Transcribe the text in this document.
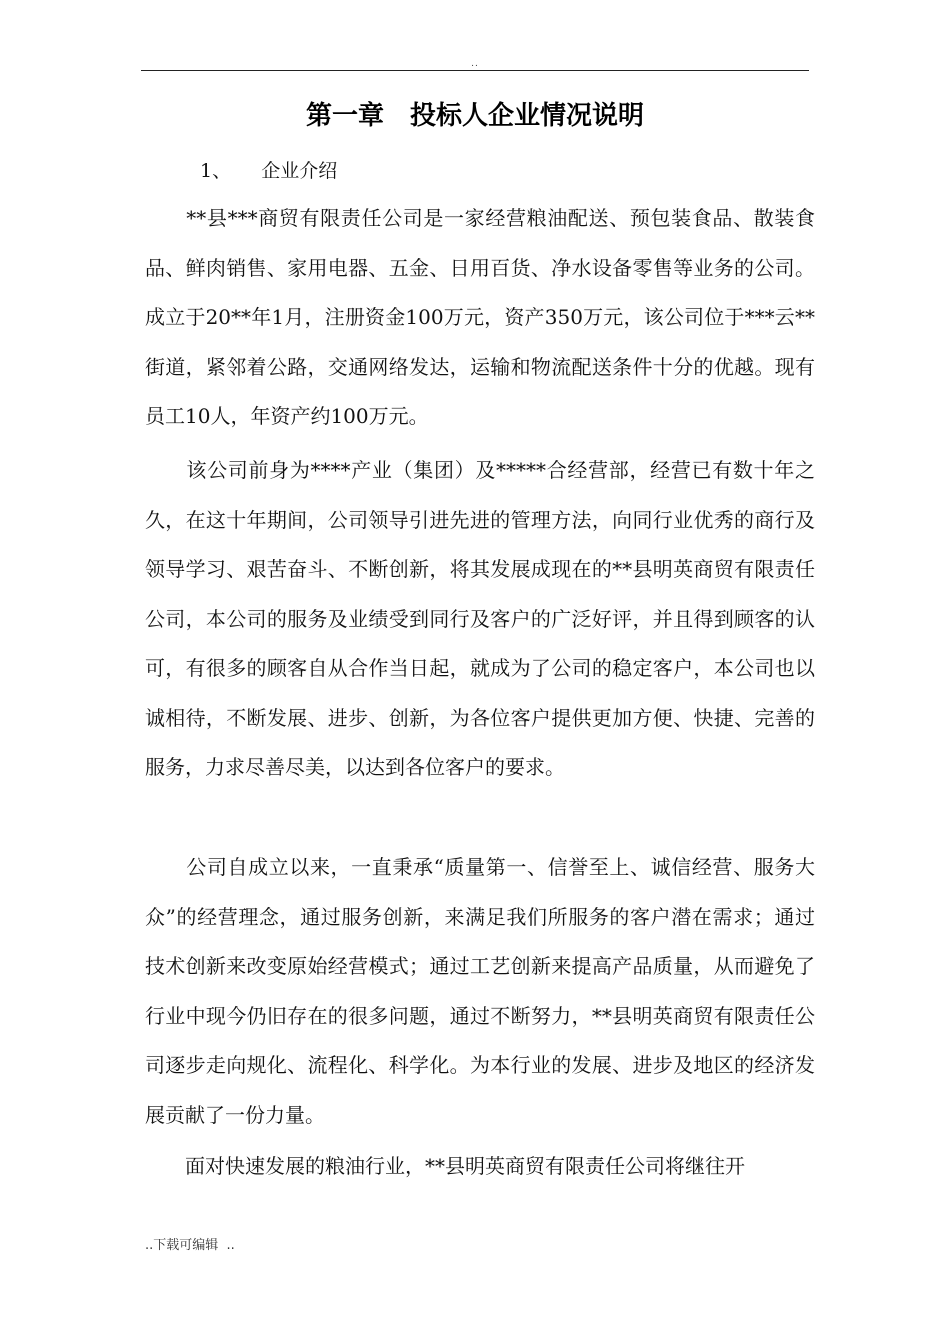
..
第一章　投标人企业情况说明
1、 企业介绍

　　**县***商贸有限责任公司是一家经营粮油配送、预包装食品、散装食品、鲜肉销售、家用电器、五金、日用百货、净水设备零售等业务的公司。成立于20**年1月，注册资金100万元，资产350万元，该公司位于***云**街道，紧邻着公路，交通网络发达，运输和物流配送条件十分的优越。现有员工10人，年资产约100万元。

　　该公司前身为****产业（集团）及*****合经营部，经营已有数十年之久，在这十年期间，公司领导引进先进的管理方法，向同行业优秀的商行及领导学习、艰苦奋斗、不断创新，将其发展成现在的**县明英商贸有限责任公司，本公司的服务及业绩受到同行及客户的广泛好评，并且得到顾客的认可，有很多的顾客自从合作当日起，就成为了公司的稳定客户，本公司也以诚相待，不断发展、进步、创新，为各位客户提供更加方便、快捷、完善的服务，力求尽善尽美，以达到各位客户的要求。

　　公司自成立以来，一直秉承“质量第一、信誉至上、诚信经营、服务大众”的经营理念，通过服务创新，来满足我们所服务的客户潜在需求；通过技术创新来改变原始经营模式；通过工艺创新来提高产品质量，从而避免了行业中现今仍旧存在的很多问题，通过不断努力，**县明英商贸有限责任公司逐步走向规化、流程化、科学化。为本行业的发展、进步及地区的经济发展贡献了一份力量。

　　面对快速发展的粮油行业，**县明英商贸有限责任公司将继往开

..下载可编辑  ..
